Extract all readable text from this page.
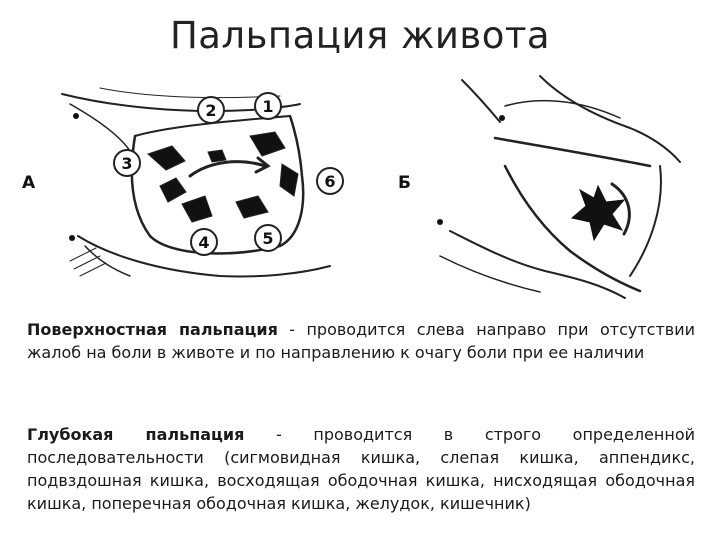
Пальпация живота
1
2
3
4	5
6
А	Б
Поверхностная пальпация - проводится слева направо при отсутствии жалоб на боли в животе и по направлению к очагу боли при ее наличии
Глубокая пальпация - проводится в строго определенной последовательности (сигмовидная кишка, слепая кишка, аппендикс, подвздошная кишка, восходящая ободочная кишка, нисходящая ободочная кишка, поперечная ободочная кишка, желудок, кишечник)
